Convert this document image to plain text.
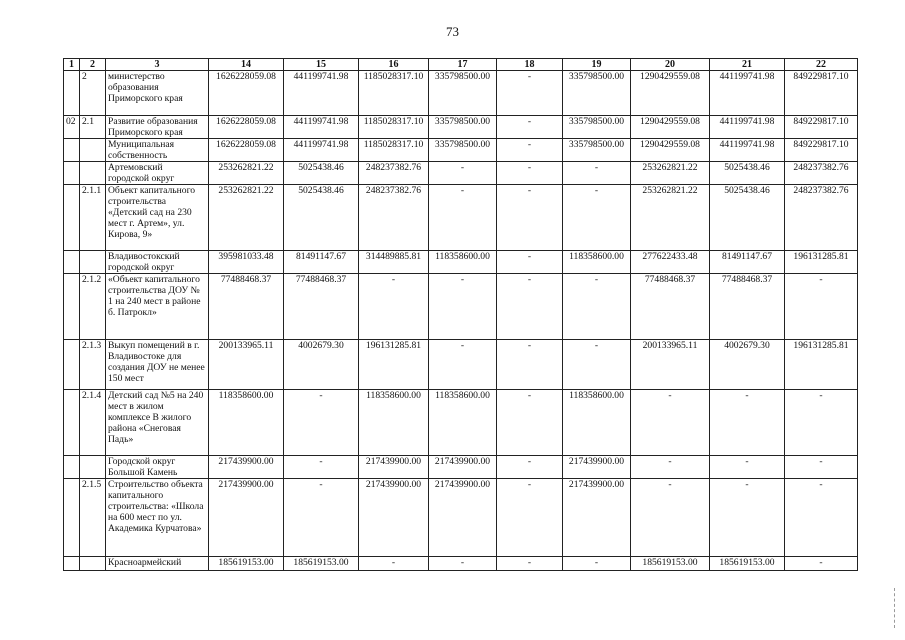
73
1	2	3	14	15	16	17	18	19	20	21	22
	2	министерство образования Приморского края	1626228059.08	441199741.98	1185028317.10	335798500.00	-	335798500.00	1290429559.08	441199741.98	849229817.10
02	2.1	Развитие образования Приморского края	1626228059.08	441199741.98	1185028317.10	335798500.00	-	335798500.00	1290429559.08	441199741.98	849229817.10
		Муниципальная собственность	1626228059.08	441199741.98	1185028317.10	335798500.00	-	335798500.00	1290429559.08	441199741.98	849229817.10
		Артемовский городской округ	253262821.22	5025438.46	248237382.76	-	-	-	253262821.22	5025438.46	248237382.76
	2.1.1	Объект капитального строительства «Детский сад на 230 мест г. Артем», ул. Кирова, 9»	253262821.22	5025438.46	248237382.76	-	-	-	253262821.22	5025438.46	248237382.76
		Владивостокский городской округ	395981033.48	81491147.67	314489885.81	118358600.00	-	118358600.00	277622433.48	81491147.67	196131285.81
	2.1.2	«Объект капитального строительства ДОУ № 1 на 240 мест в районе б. Патрокл»	77488468.37	77488468.37	-	-	-	-	77488468.37	77488468.37	-
	2.1.3	Выкуп помещений в г. Владивостоке для создания ДОУ не менее 150 мест	200133965.11	4002679.30	196131285.81	-	-	-	200133965.11	4002679.30	196131285.81
	2.1.4	Детский сад №5 на 240 мест в жилом комплексе В жилого района «Снеговая Падь»	118358600.00	-	118358600.00	118358600.00	-	118358600.00	-	-	-
		Городской округ Большой Камень	217439900.00	-	217439900.00	217439900.00	-	217439900.00	-	-	-
	2.1.5	Строительство объекта капитального строительства: «Школа на 600 мест по ул. Академика Курчатова»	217439900.00	-	217439900.00	217439900.00	-	217439900.00	-	-	-
		Красноармейский	185619153.00	185619153.00	-	-	-	-	185619153.00	185619153.00	-
